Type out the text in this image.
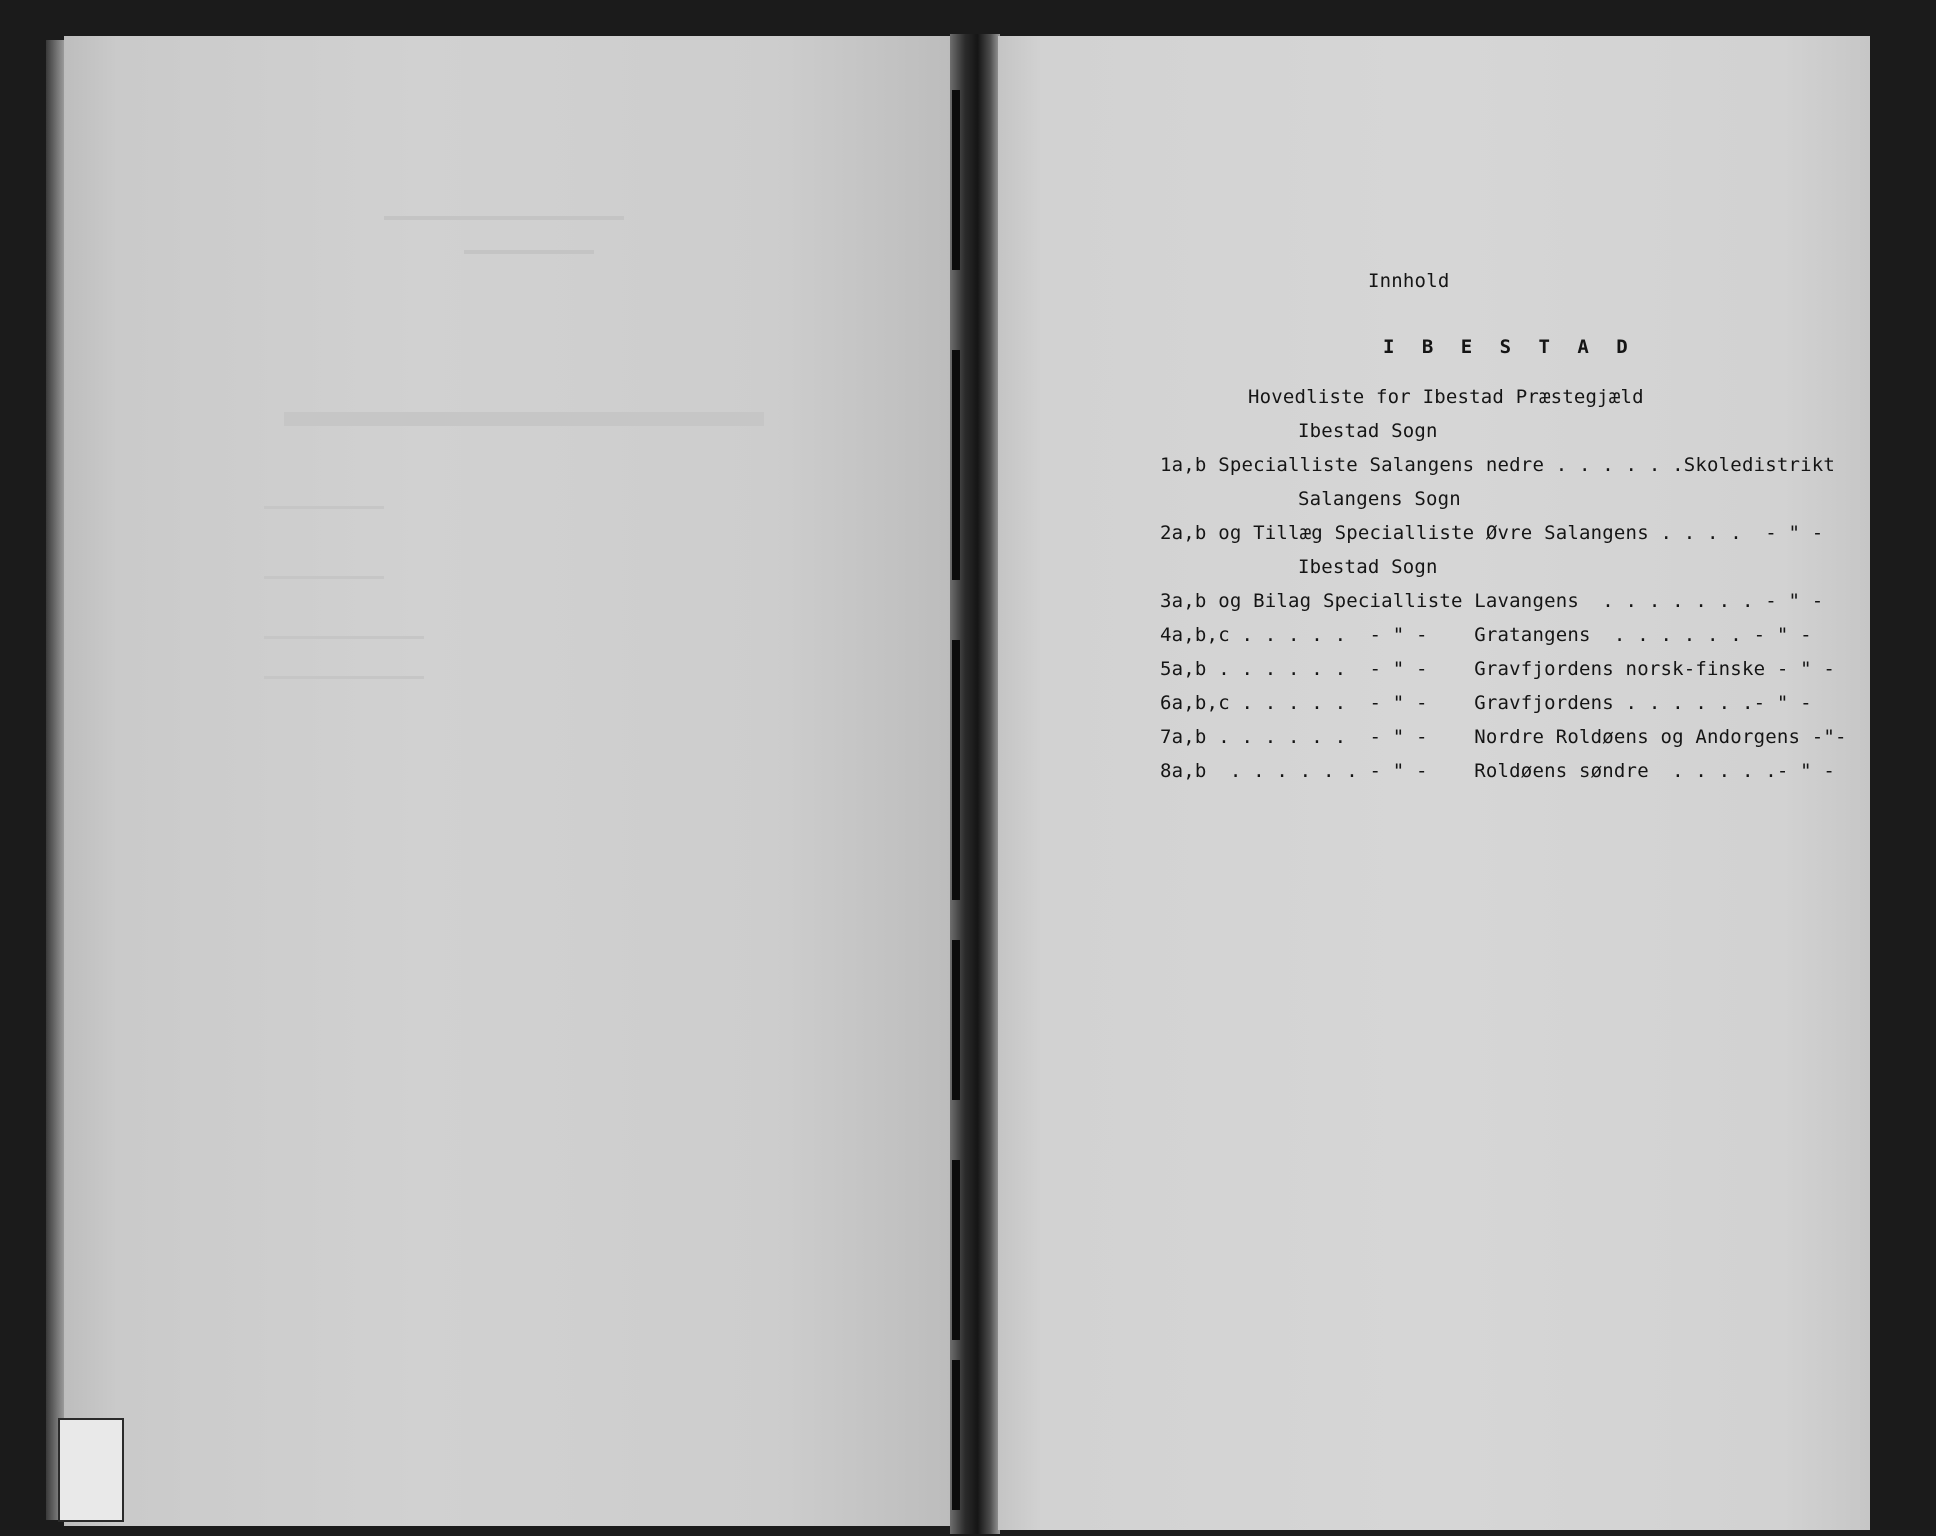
Innhold
I B E S T A D
Hovedliste for Ibestad Præstegjæld
Ibestad Sogn
1a,b Specialliste Salangens nedre . . . . . .Skoledistrikt
Salangens Sogn
2a,b og Tillæg Specialliste Øvre Salangens . . . .  - " -
Ibestad Sogn
3a,b og Bilag Specialliste Lavangens  . . . . . . . - " -
4a,b,c . . . . .  - " -    Gratangens  . . . . . . - " -
5a,b . . . . . .  - " -    Gravfjordens norsk-finske - " -
6a,b,c . . . . .  - " -    Gravfjordens . . . . . .- " -
7a,b . . . . . .  - " -    Nordre Roldøens og Andorgens -"-
8a,b  . . . . . . - " -    Roldøens søndre  . . . . .- " -
